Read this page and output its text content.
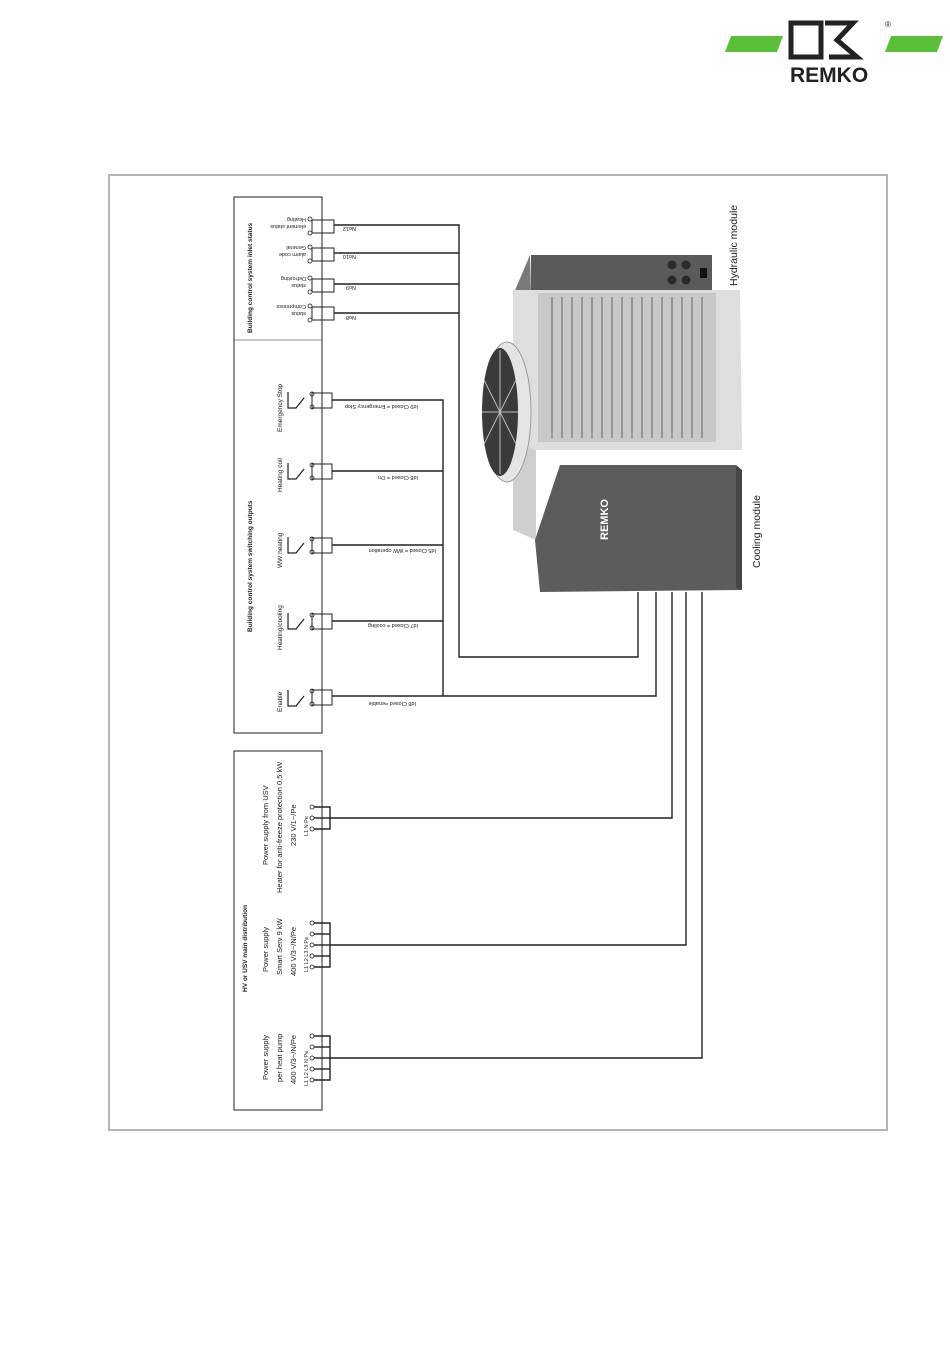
REMKO
®
Building control system inlet status
Building control system switching outputs
Heating
element status	No12
General
alarm code	No10
Defrosting
status	No9
Compressor
status
No8
Emergency Stop	Id9 Closed = Emergency Stop
Heating coil	Id8 Closed = On
WW heating	Id5 Closed = WW operation
Heating/cooling	Id7 Closed = cooling
Enable	Id8 Closed =enable
REMKO
Hydraulic module
Cooling module
HV or USV main distribution
Power supply from USV Heater for anti-freeze protection 0.5 kW 230 V/1~/Pe L1 N Pe
Power supply Smart Serv 9 kW 400 V/3~/N/Pe L1 L2 L3 N Pe
Power supply per heat pump 400 V/3~/N/Pe L1 L2 L3 N Pe
